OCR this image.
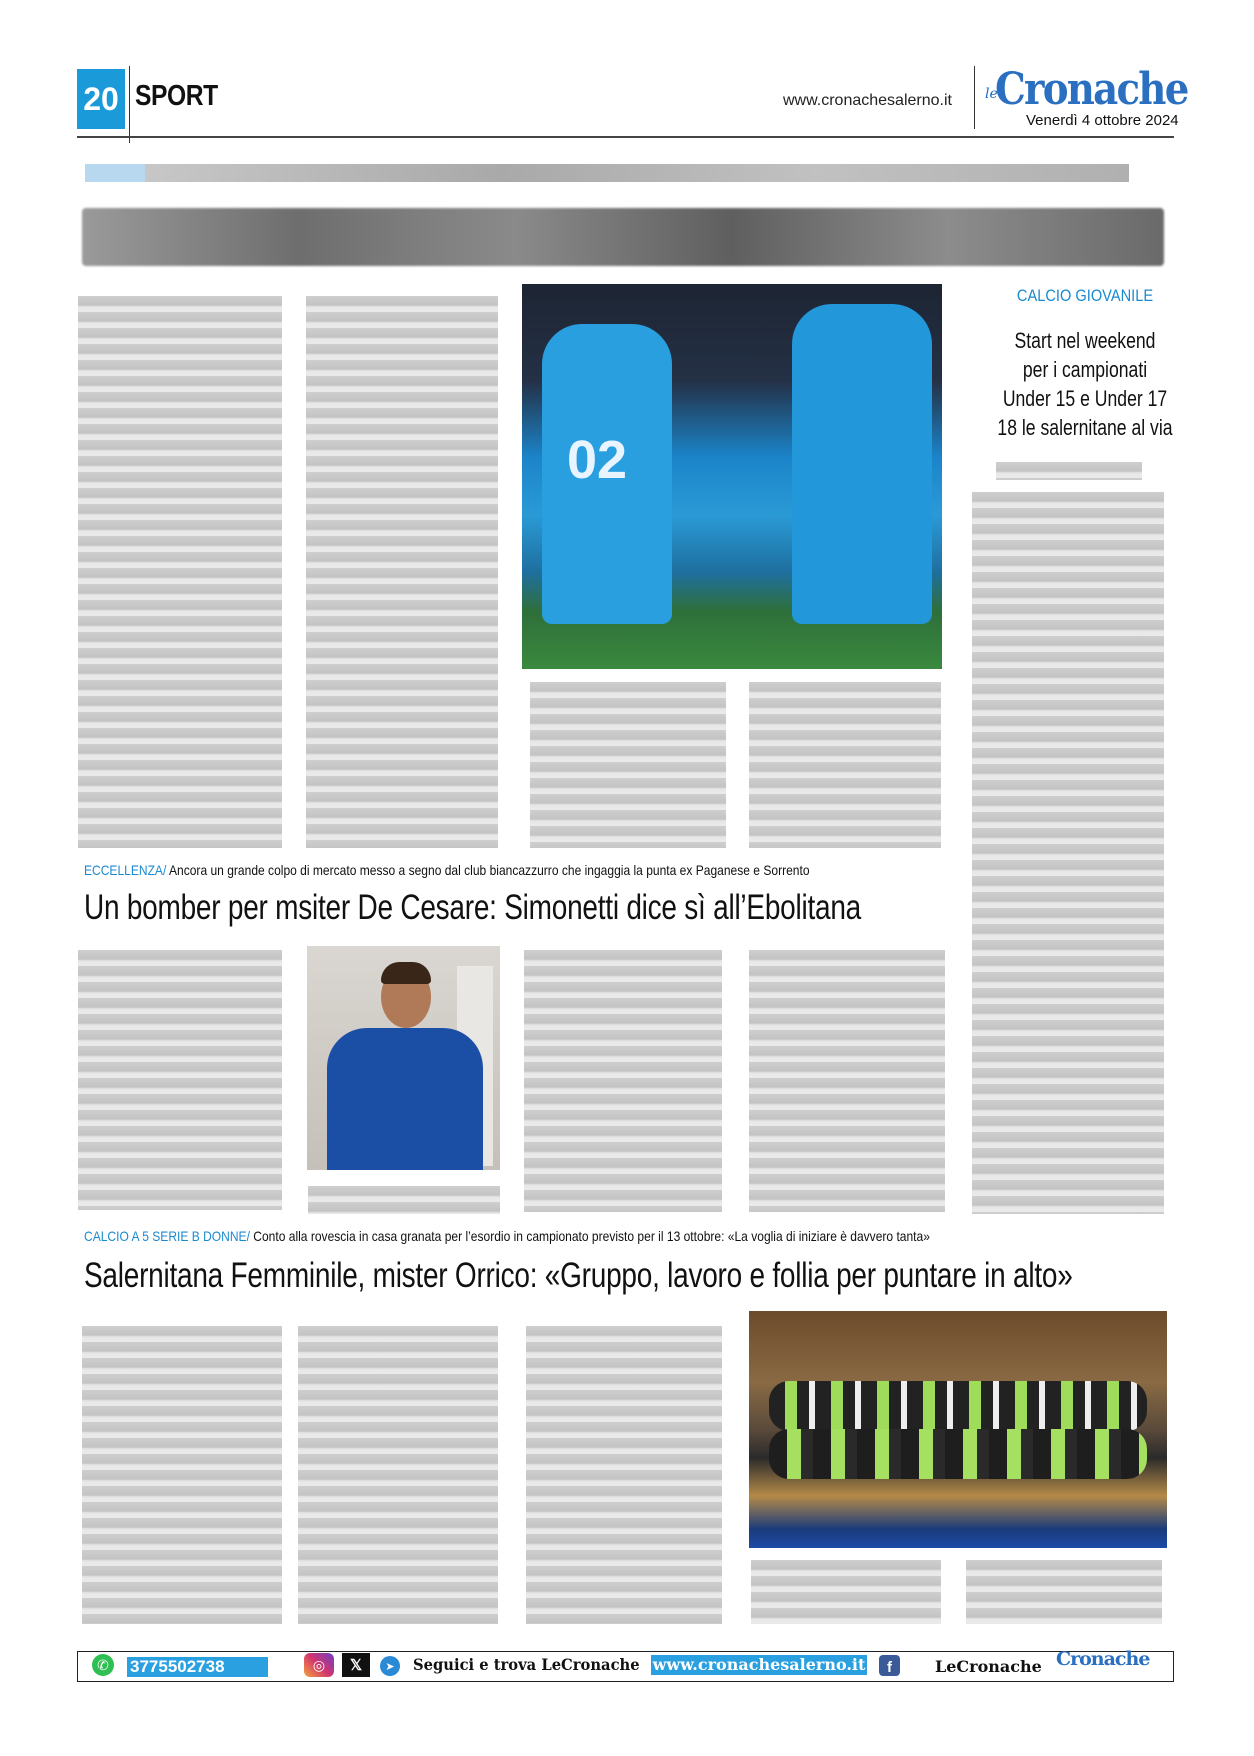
20 SPORT	www.cronachesalerno.it le
Cronache
Venerdì 4 ottobre 2024
02
CALCIO GIOVANILE
Start nel weekend
per i campionati
Under 15 e Under 17
18 le salernitane al via
ECCELLENZA/ Ancora un grande colpo di mercato messo a segno dal club biancazzurro che ingaggia la punta ex Paganese e Sorrento
Un bomber per msiter De Cesare: Simonetti dice sì all’Ebolitana
CALCIO A 5 SERIE B DONNE/ Conto alla rovescia in casa granata per l’esordio in campionato previsto per il 13 ottobre: «La voglia di iniziare è davvero tanta»
Salernitana Femminile, mister Orrico: «Gruppo, lavoro e follia per puntare in alto»
✆	3775502738	◎	𝕏	➤	Seguici e trova LeCronache www.cronachesalerno.it	f	LeCronache Cronache
